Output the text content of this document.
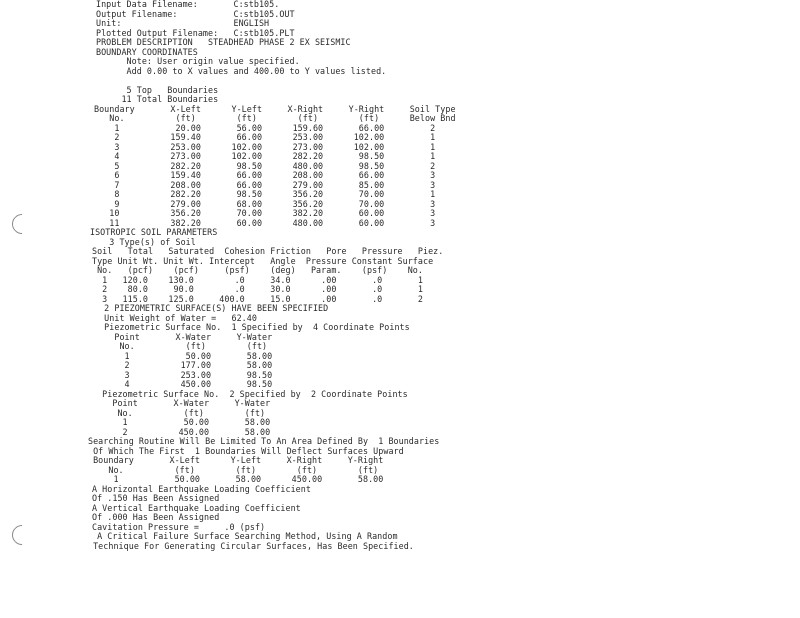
Input Data Filename:       C:stb105.
Output Filename:           C:stb105.OUT
Unit:                      ENGLISH
Plotted Output Filename:   C:stb105.PLT
PROBLEM DESCRIPTION   STEADHEAD PHASE 2 EX SEISMIC
BOUNDARY COORDINATES
Note: User origin value specified.
Add 0.00 to X values and 400.00 to Y values listed.
5 Top   Boundaries
11 Total Boundaries
Boundary       X-Left      Y-Left     X-Right     Y-Right     Soil Type
No.          (ft)        (ft)        (ft)        (ft)      Below Bnd
1           20.00       56.00      159.60       66.00         2
2          159.40       66.00      253.00      102.00         1
3          253.00      102.00      273.00      102.00         1
4          273.00      102.00      282.20       98.50         1
5          282.20       98.50      480.00       98.50         2
6          159.40       66.00      208.00       66.00         3
7          208.00       66.00      279.00       85.00         3
8          282.20       98.50      356.20       70.00         1
9          279.00       68.00      356.20       70.00         3
10          356.20       70.00      382.20       60.00         3
11          382.20       60.00      480.00       60.00         3
ISOTROPIC SOIL PARAMETERS
3 Type(s) of Soil
Soil   Total   Saturated  Cohesion Friction   Pore   Pressure   Piez.
Type Unit Wt. Unit Wt. Intercept   Angle  Pressure Constant Surface
No.   (pcf)    (pcf)     (psf)    (deg)   Param.    (psf)    No.
1   120.0    130.0        .0     34.0      .00       .0       1
2    80.0     90.0        .0     30.0      .00       .0       1
3   115.0    125.0     400.0     15.0      .00       .0       2
2 PIEZOMETRIC SURFACE(S) HAVE BEEN SPECIFIED
Unit Weight of Water =   62.40
Piezometric Surface No.  1 Specified by  4 Coordinate Points
Point       X-Water     Y-Water
No.          (ft)        (ft)
1           50.00       58.00
2          177.00       58.00
3          253.00       98.50
4          450.00       98.50
Piezometric Surface No.  2 Specified by  2 Coordinate Points
Point       X-Water     Y-Water
No.          (ft)        (ft)
1           50.00       58.00
2          450.00       58.00
Searching Routine Will Be Limited To An Area Defined By  1 Boundaries
Of Which The First  1 Boundaries Will Deflect Surfaces Upward
Boundary       X-Left      Y-Left     X-Right     Y-Right
No.          (ft)        (ft)        (ft)        (ft)
1           50.00       58.00      450.00       58.00
A Horizontal Earthquake Loading Coefficient
Of .150 Has Been Assigned
A Vertical Earthquake Loading Coefficient
Of .000 Has Been Assigned
Cavitation Pressure =     .0 (psf)
A Critical Failure Surface Searching Method, Using A Random
Technique For Generating Circular Surfaces, Has Been Specified.
